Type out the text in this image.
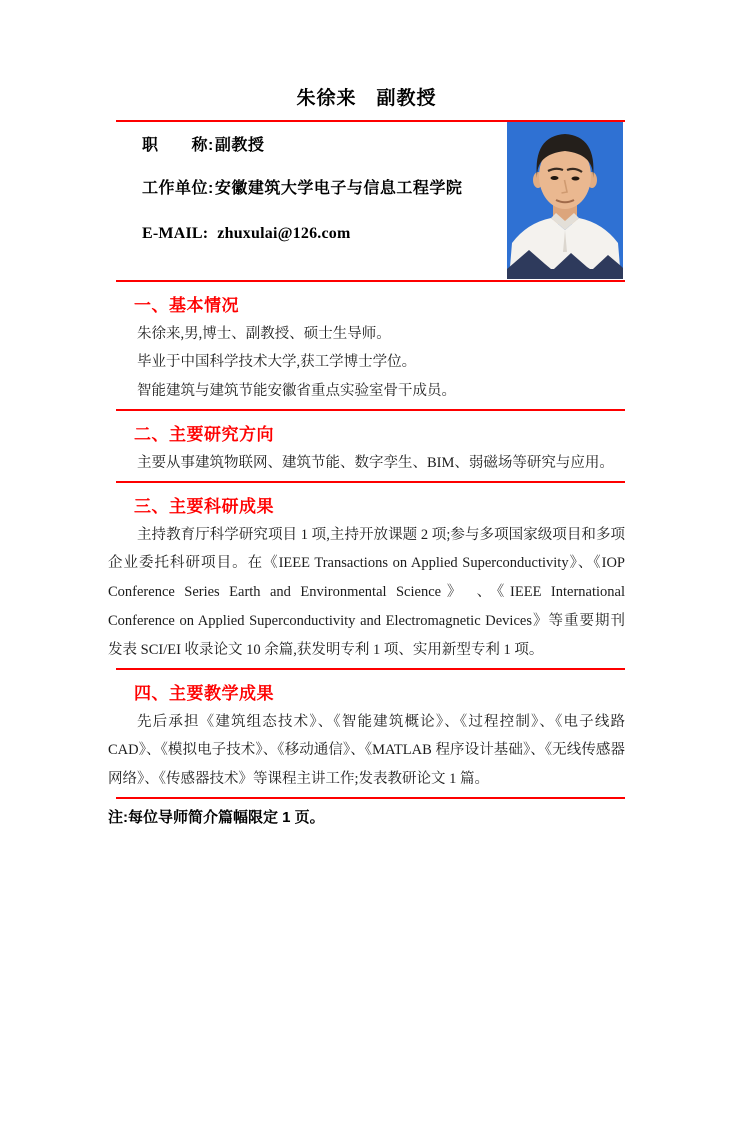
朱徐来　副教授

职　　称:副教授

工作单位:安徽建筑大学电子与信息工程学院

E-MAIL: zhuxulai@126.com

一、基本情况

朱徐来,男,博士、副教授、硕士生导师。

毕业于中国科学技术大学,获工学博士学位。

智能建筑与建筑节能安徽省重点实验室骨干成员。

二、主要研究方向

主要从事建筑物联网、建筑节能、数字孪生、BIM、弱磁场等研究与应用。

三、主要科研成果

主持教育厅科学研究项目 1 项,主持开放课题 2 项;参与多项国家级项目和多项企业委托科研项目。在《IEEE Transactions on Applied Superconductivity》、《IOP Conference Series Earth and Environmental Science》 、《IEEE International Conference on Applied Superconductivity and Electromagnetic Devices》等重要期刊发表 SCI/EI 收录论文 10 余篇,获发明专利 1 项、实用新型专利 1 项。

四、主要教学成果

先后承担《建筑组态技术》、《智能建筑概论》、《过程控制》、《电子线路 CAD》、《模拟电子技术》、《移动通信》、《MATLAB 程序设计基础》、《无线传感器网络》、《传感器技术》等课程主讲工作;发表教研论文 1 篇。

注:每位导师简介篇幅限定 1 页。
